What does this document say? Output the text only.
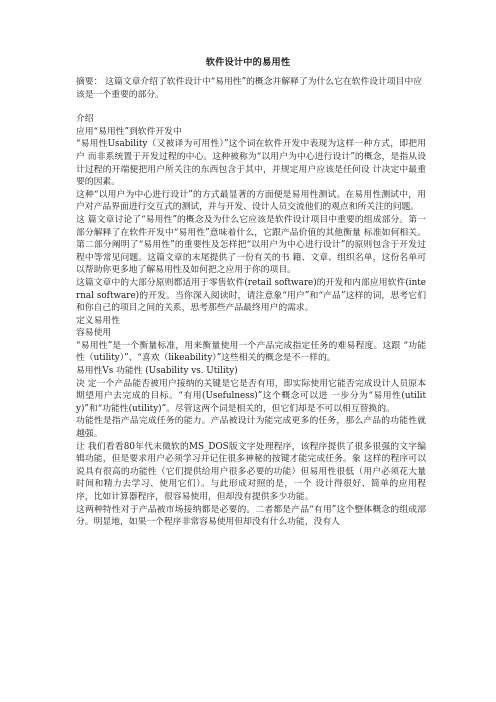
软件设计中的易用性
摘要： 这篇文章介绍了软件设计中“易用性”的概念并解释了为什么它在软件设计项目中应该是一个重要的部分。
介绍
应用“易用性”到软件开发中
“易用性Usability（又被译为可用性）”这个词在软件开发中表现为这样一种方式，即把用户 而非系统置于开发过程的中心。这种被称为“以用户为中心进行设计”的概念，是指从设计过程的开端便把用户所关注的东西包含于其中，并规定用户应该是任何设 计决定中最重要的因素。
这种“以用户为中心进行设计”的方式最显著的方面便是易用性测试。在易用性测试中，用户对产品界面进行交互式的测试，并与开发、设计人员交流他们的观点和所关注的问题。
这 篇文章讨论了“易用性”的概念及为什么它应该是软件设计项目中重要的组成部分。第一部分解释了在软件开发中“易用性”意味着什么，它跟产品价值的其他衡量 标准如何相关。第二部分阐明了“易用性”的重要性及怎样把“以用户为中心进行设计”的原则包含于开发过程中等常见问题。这篇文章的末尾提供了一份有关的书 籍、文章、组织名单，这份名单可以帮助你更多地了解易用性及如何把之应用于你的项目。
这篇文章中的大部分原则都适用于零售软件(retail software)的开发和内部应用软件(internal software)的开发。当你深入阅读时，请注意象“用户”和“产品”这样的词，思考它们和你自己的项目之间的关系，思考那些产品最终用户的需求。
定义易用性
容易使用
“易用性”是一个衡量标准，用来衡量使用一个产品完成指定任务的难易程度。这跟 “功能性（utility）”、“喜欢（likeability）”这些相关的概念是不一样的。
易用性Vs 功能性 (Usability vs. Utility)
决 定一个产品能否被用户接纳的关键是它是否有用，即实际使用它能否完成设计人员原本期望用户去完成的目标。“有用(Usefulness)”这个概念可以进 一步分为“易用性(utility)”和“功能性(utility)”。尽管这两个词是相关的，但它们却是不可以相互替换的。
功能性是指产品完成任务的能力。产品被设计为能完成更多的任务，那么产品的功能性就越强。
让 我们看看80年代末微软的MS_DOS版文字处理程序，该程序提供了很多很强的文字编辑功能，但是要求用户必须学习并记住很多神秘的按键才能完成任务。象 这样的程序可以说具有很高的功能性（它们提供给用户很多必要的功能）但易用性很低（用户必须花大量时间和精力去学习、使用它们）。与此形成对照的是，一个 设计得很好、简单的应用程序，比如计算器程序，很容易使用，但却没有提供多少功能。
这两种特性对于产品被市场接纳都是必要的。二者都是产品“有用”这个整体概念的组成部分。明显地，如果一个程序非常容易使用但却没有什么功能，没有人
